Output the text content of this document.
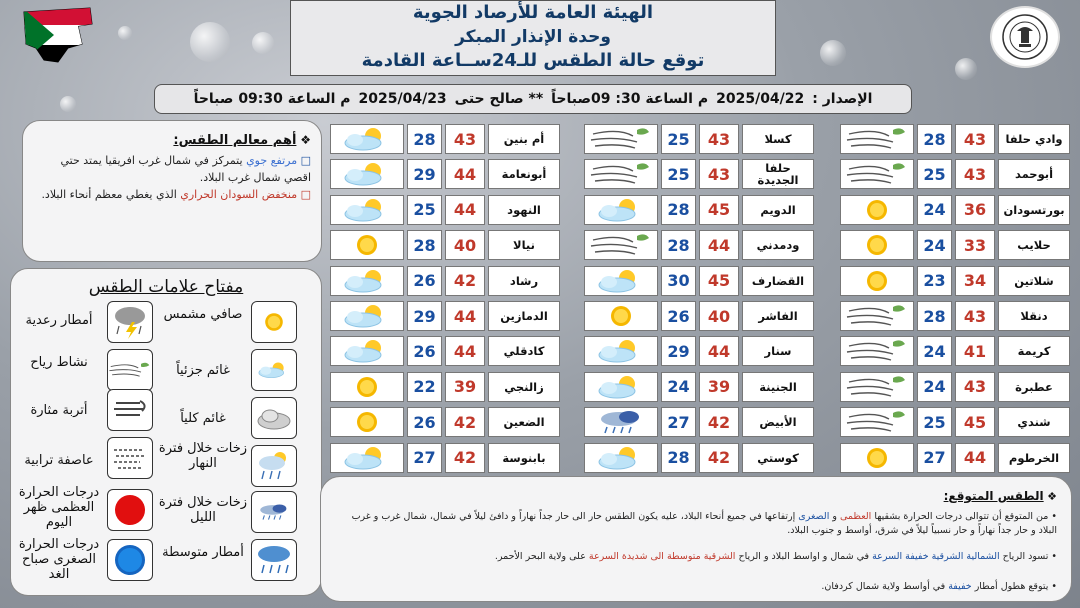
الهيئة العامة للأرصاد الجوية
وحدة الإنذار المبكر
توقع حالة الطقس للـ24ســاعة القادمة
الإصدار :
2025/04/22
م الساعة 30: 09صباحاً
** صالح حتى
2025/04/23
م الساعة 09:30 صباحاً
❖ أهم معالم الطقس:
□ مرتفع جوي يتمركز في شمال غرب افريقيا يمتد حتي اقصي شمال غرب البلاد.
□ منخفض السودان الحراري الذي يغطي معظم أنحاء البلاد.
مفتاح علامات الطقس
صافي مشمس
أمطار رعدية
غائم جزئياً
نشاط رياح
غائم كلياً
أتربة مثارة
زخات خلال فترة النهار
عاصفة ترابية
زخات خلال فترة الليل
درجات الحرارة العظمى ظهر اليوم
أمطار متوسطة
درجات الحرارة الصغرى صباح الغد
28	43	وادي حلفا
25	43	أبوحمد
24	36	بورتسودان
24	33	حلايب
23	34	شلاتين
28	43	دنقلا
24	41	كريمة
24	43	عطبرة
25	45	شندي
27	44	الخرطوم
25	43	كسلا
25	43	حلفا الجديدة
28	45	الدويم
28	44	ودمدني
30	45	القضارف
26	40	الفاشر
29	44	سنار
24	39	الجنينة
27	42	الأبيض
28	42	كوستي
28	43	أم بنين
29	44	أبونعامة
25	44	النهود
28	40	نيالا
26	42	رشاد
29	44	الدمازين
26	44	كادقلي
22	39	زالنجي
26	42	الضعين
27	42	بابنوسة
❖ الطقس المتوقع:
• من المتوقع أن تتوالى درجات الحرارة بشقيها العظمى و الصغرى إرتفاعها في جميع أنحاء البلاد، عليه يكون الطقس حار الى حار جداً نهاراً و دافئ ليلاً في شمال، شمال غرب و غرب البلاد و حار جداً نهاراً و حار نسبياً ليلاً في شرق، أواسط و جنوب البلاد.
• تسود الرياح الشمالية الشرقية خفيفة السرعة في شمال و اواسط البلاد و الرياح الشرقية متوسطة الى شديدة السرعة على ولاية البحر الأحمر.
• يتوقع هطول أمطار خفيفة في أواسط ولاية شمال كردفان.
